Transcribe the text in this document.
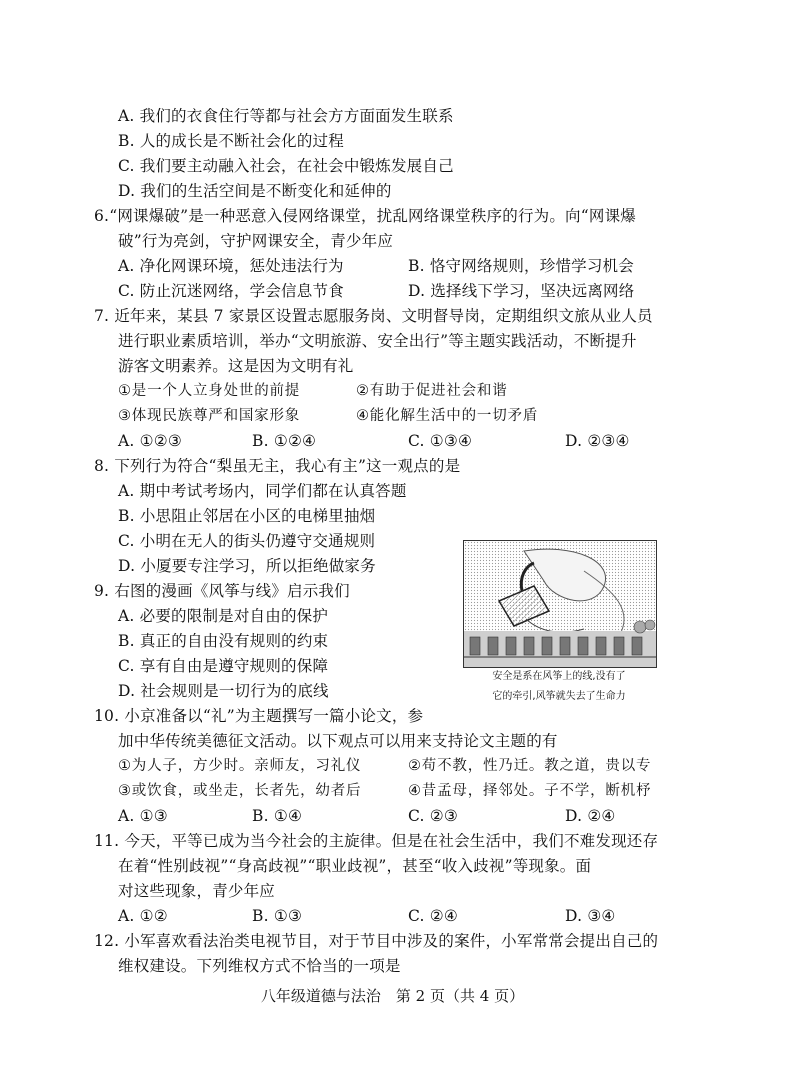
A. 我们的衣食住行等都与社会方方面面发生联系
B. 人的成长是不断社会化的过程
C. 我们要主动融入社会，在社会中锻炼发展自己
D. 我们的生活空间是不断变化和延伸的
6.“网课爆破”是一种恶意入侵网络课堂，扰乱网络课堂秩序的行为。向“网课爆
破”行为亮剑，守护网课安全，青少年应
A. 净化网课环境，惩处违法行为	B. 恪守网络规则，珍惜学习机会
C. 防止沉迷网络，学会信息节食	D. 选择线下学习，坚决远离网络
7. 近年来，某县 7 家景区设置志愿服务岗、文明督导岗，定期组织文旅从业人员
进行职业素质培训，举办“文明旅游、安全出行”等主题实践活动，不断提升
游客文明素养。这是因为文明有礼
①是一个人立身处世的前提	②有助于促进社会和谐
③体现民族尊严和国家形象	④能化解生活中的一切矛盾
A. ①②③	B. ①②④	C. ①③④	D. ②③④
8. 下列行为符合“梨虽无主，我心有主”这一观点的是
A. 期中考试考场内，同学们都在认真答题
B. 小思阻止邻居在小区的电梯里抽烟
C. 小明在无人的街头仍遵守交通规则
D. 小厦要专注学习，所以拒绝做家务
9. 右图的漫画《风筝与线》启示我们
A. 必要的限制是对自由的保护
B. 真正的自由没有规则的约束
C. 享有自由是遵守规则的保障
D. 社会规则是一切行为的底线
安全是系在风筝上的线,没有了
它的牵引,风筝就失去了生命力
10. 小京准备以“礼”为主题撰写一篇小论文，参
加中华传统美德征文活动。以下观点可以用来支持论文主题的有
①为人子，方少时。亲师友，习礼仪	②苟不教，性乃迁。教之道，贵以专
③或饮食，或坐走，长者先，幼者后	④昔孟母，择邻处。子不学，断机杼
A. ①③	B. ①④	C. ②③	D. ②④
11. 今天，平等已成为当今社会的主旋律。但是在社会生活中，我们不难发现还存
在着“性别歧视”“身高歧视”“职业歧视”，甚至“收入歧视”等现象。面
对这些现象，青少年应
A. ①②	B. ①③	C. ②④	D. ③④
12. 小军喜欢看法治类电视节目，对于节目中涉及的案件，小军常常会提出自己的
维权建设。下列维权方式不恰当的一项是
八年级道德与法治　第 2 页（共 4 页）
